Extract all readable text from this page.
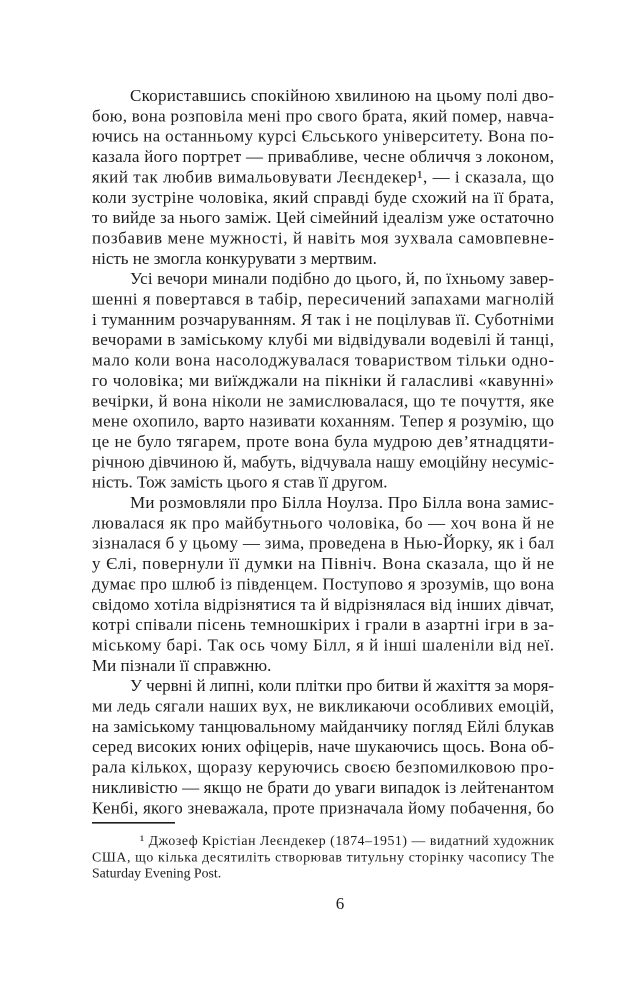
Скориставшись спокійною хвилиною на цьому полі дво-
бою, вона розповіла мені про свого брата, який помер, навча-
ючись на останньому курсі Єльського університету. Вона по-
казала його портрет — привабливе, чесне обличчя з локоном,
який так любив вимальовувати Леєндекер¹, — і сказала, що
коли зустріне чоловіка, який справді буде схожий на її брата,
то вийде за нього заміж. Цей сімейний ідеалізм уже остаточно
позбавив мене мужності, й навіть моя зухвала самовпевне-
ність не змогла конкурувати з мертвим.
Усі вечори минали подібно до цього, й, по їхньому завер-
шенні я повертався в табір, пересичений запахами магнолій
і туманним розчаруванням. Я так і не поцілував її. Суботніми
вечорами в заміському клубі ми відвідували водевілі й танці,
мало коли вона насолоджувалася товариством тільки одно-
го чоловіка; ми виїжджали на пікніки й галасливі «кавунні»
вечірки, й вона ніколи не замислювалася, що те почуття, яке
мене охопило, варто називати коханням. Тепер я розумію, що
це не було тягарем, проте вона була мудрою дев’ятнадцяти-
річною дівчиною й, мабуть, відчувала нашу емоційну несуміс-
ність. Тож замість цього я став її другом.
Ми розмовляли про Білла Ноулза. Про Білла вона замис-
лювалася як про майбутнього чоловіка, бо — хоч вона й не
зізналася б у цьому — зима, проведена в Нью-Йорку, як і бал
у Єлі, повернули її думки на Північ. Вона сказала, що й не
думає про шлюб із південцем. Поступово я зрозумів, що вона
свідомо хотіла відрізнятися та й відрізнялася від інших дівчат,
котрі співали пісень темношкірих і грали в азартні ігри в за-
міському барі. Так ось чому Білл, я й інші шаленіли від неї.
Ми пізнали її справжню.
У червні й липні, коли плітки про битви й жахіття за моря-
ми ледь сягали наших вух, не викликаючи особливих емоцій,
на заміському танцювальному майданчику погляд Ейлі блукав
серед високих юних офіцерів, наче шукаючись щось. Вона об-
рала кількох, щоразу керуючись своєю безпомилковою про-
никливістю — якщо не брати до уваги випадок із лейтенантом
Кенбі, якого зневажала, проте призначала йому побачення, бо
¹ Джозеф Крістіан Леєндекер (1874–1951) — видатний художник
США, що кілька десятиліть створював титульну сторінку часопису The
Saturday Evening Post.
6
